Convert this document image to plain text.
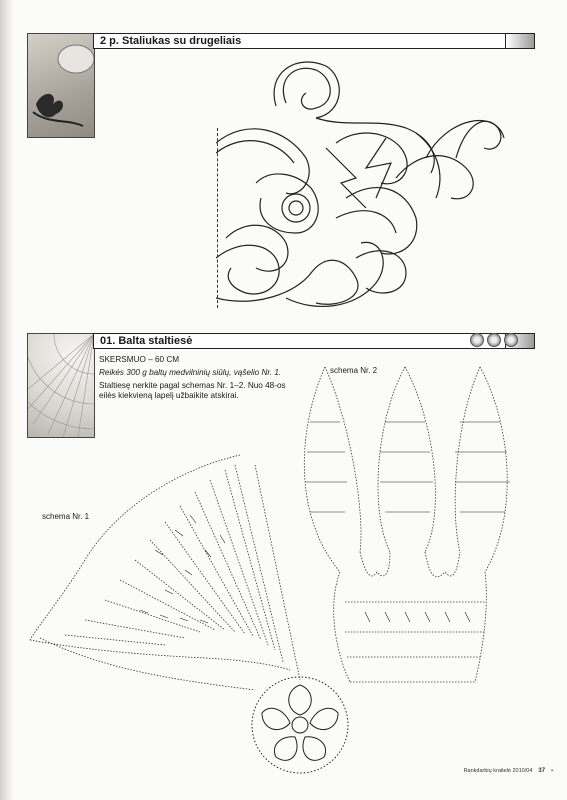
2 p. Staliukas su drugeliais
01. Balta staltiesė

SKERSMUO – 60 CM

Reikės 300 g baltų medvilninių siūlų, vąšelio Nr. 1.

Staltiesę nerkite pagal schemas Nr. 1–2. Nuo 48-os eilės kiekvieną lapelį užbaikite atskirai.

schema Nr. 1
schema Nr. 2
Rankdarbių kraitelė 2010/04 37 •
